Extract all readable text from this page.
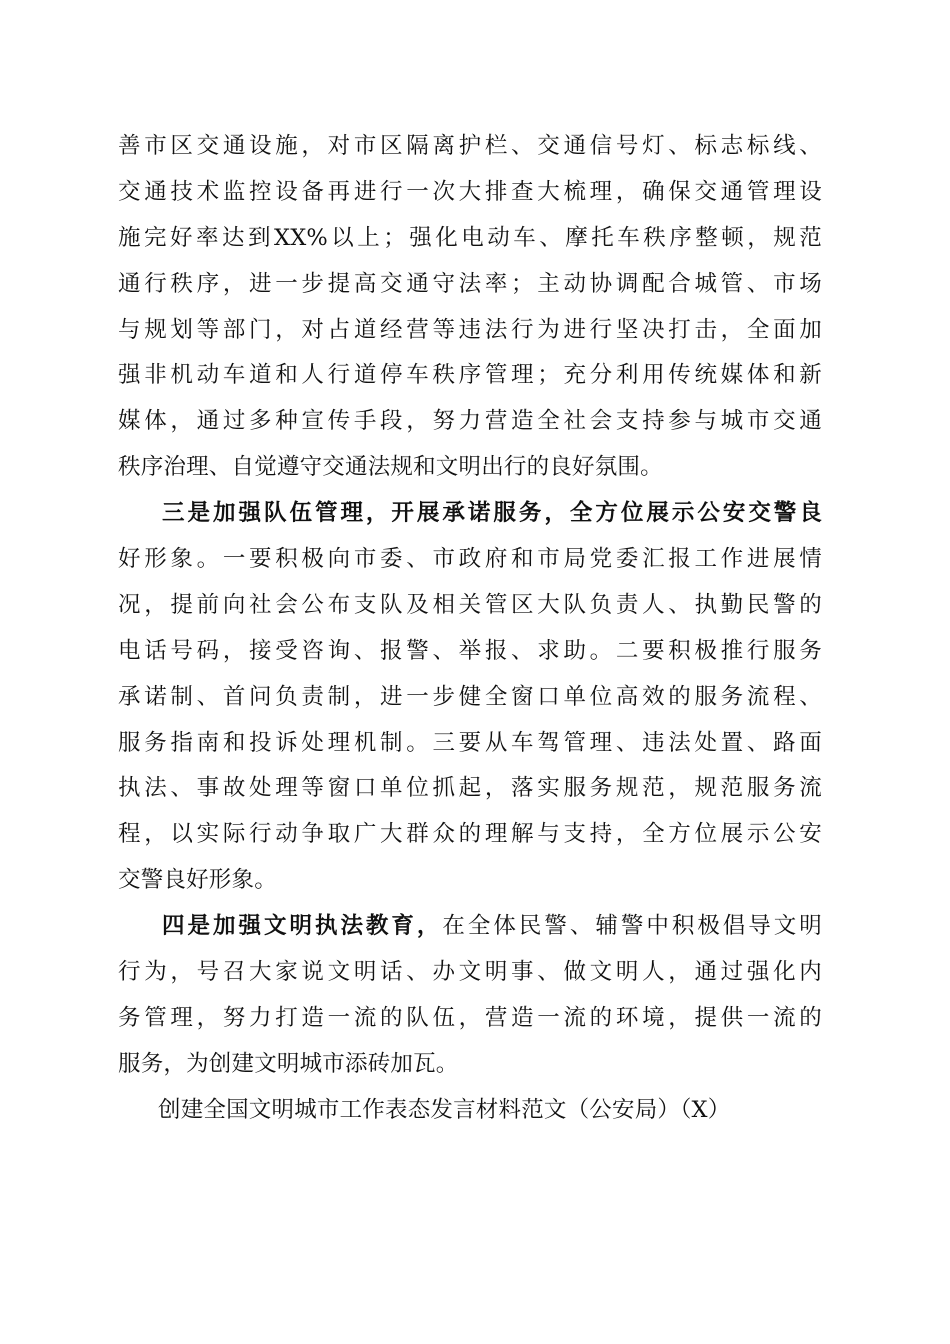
善市区交通设施，对市区隔离护栏、交通信号灯、标志标线、
交通技术监控设备再进行一次大排查大梳理，确保交通管理设
施完好率达到XX%以上；强化电动车、摩托车秩序整顿，规范
通行秩序，进一步提高交通守法率；主动协调配合城管、市场
与规划等部门，对占道经营等违法行为进行坚决打击，全面加
强非机动车道和人行道停车秩序管理；充分利用传统媒体和新
媒体，通过多种宣传手段，努力营造全社会支持参与城市交通
秩序治理、自觉遵守交通法规和文明出行的良好氛围。
三是加强队伍管理，开展承诺服务，全方位展示公安交警良
好形象。一要积极向市委、市政府和市局党委汇报工作进展情
况，提前向社会公布支队及相关管区大队负责人、执勤民警的
电话号码，接受咨询、报警、举报、求助。二要积极推行服务
承诺制、首问负责制，进一步健全窗口单位高效的服务流程、
服务指南和投诉处理机制。三要从车驾管理、违法处置、路面
执法、事故处理等窗口单位抓起，落实服务规范，规范服务流
程，以实际行动争取广大群众的理解与支持，全方位展示公安
交警良好形象。
四是加强文明执法教育，在全体民警、辅警中积极倡导文明
行为，号召大家说文明话、办文明事、做文明人，通过强化内
务管理，努力打造一流的队伍，营造一流的环境，提供一流的
服务，为创建文明城市添砖加瓦。
创建全国文明城市工作表态发言材料范文（公安局）（X）
